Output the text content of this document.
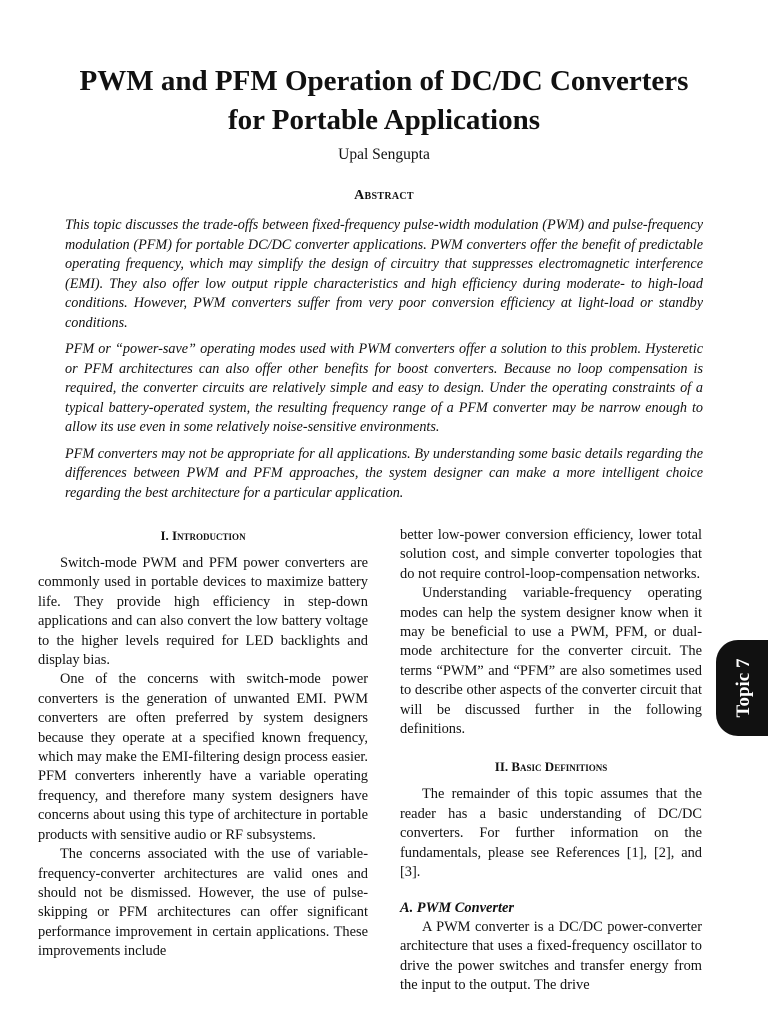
PWM and PFM Operation of DC/DC Converters
for Portable Applications
Upal Sengupta
Abstract

This topic discusses the trade-offs between fixed-frequency pulse-width modulation (PWM) and pulse-frequency modulation (PFM) for portable DC/DC converter applications. PWM converters offer the benefit of predictable operating frequency, which may simplify the design of circuitry that suppresses electromagnetic interference (EMI). They also offer low output ripple characteristics and high efficiency during moderate- to high-load conditions. However, PWM converters suffer from very poor conversion efficiency at light-load or standby conditions.

PFM or “power-save” operating modes used with PWM converters offer a solution to this problem. Hysteretic or PFM architectures can also offer other benefits for boost converters. Because no loop compensation is required, the converter circuits are relatively simple and easy to design. Under the operating constraints of a typical battery-operated system, the resulting frequency range of a PFM converter may be narrow enough to allow its use even in some relatively noise-sensitive environments.

PFM converters may not be appropriate for all applications. By understanding some basic details regarding the differences between PWM and PFM approaches, the system designer can make a more intelligent choice regarding the best architecture for a particular application.

I. Introduction

Switch-mode PWM and PFM power converters are commonly used in portable devices to maximize battery life. They provide high efficiency in step-down applications and can also convert the low battery voltage to the higher levels required for LED backlights and display bias.

One of the concerns with switch-mode power converters is the generation of unwanted EMI. PWM converters are often preferred by system designers because they operate at a specified known frequency, which may make the EMI-filtering design process easier. PFM converters inherently have a variable operating frequency, and therefore many system designers have concerns about using this type of architecture in portable products with sensitive audio or RF subsystems.

The concerns associated with the use of variable-frequency-converter architectures are valid ones and should not be dismissed. However, the use of pulse-skipping or PFM architectures can offer significant performance improvement in certain applications. These improvements include

better low-power conversion efficiency, lower total solution cost, and simple converter topologies that do not require control-loop-compensation networks.

Understanding variable-frequency operating modes can help the system designer know when it may be beneficial to use a PWM, PFM, or dual-mode architecture for the converter circuit. The terms “PWM” and “PFM” are also sometimes used to describe other aspects of the converter circuit that will be discussed further in the following definitions.

II. Basic Definitions

The remainder of this topic assumes that the reader has a basic understanding of DC/DC converters. For further information on the fundamentals, please see References [1], [2], and [3].

A. PWM Converter

A PWM converter is a DC/DC power-converter architecture that uses a fixed-frequency oscillator to drive the power switches and transfer energy from the input to the output. The drive

Topic 7
